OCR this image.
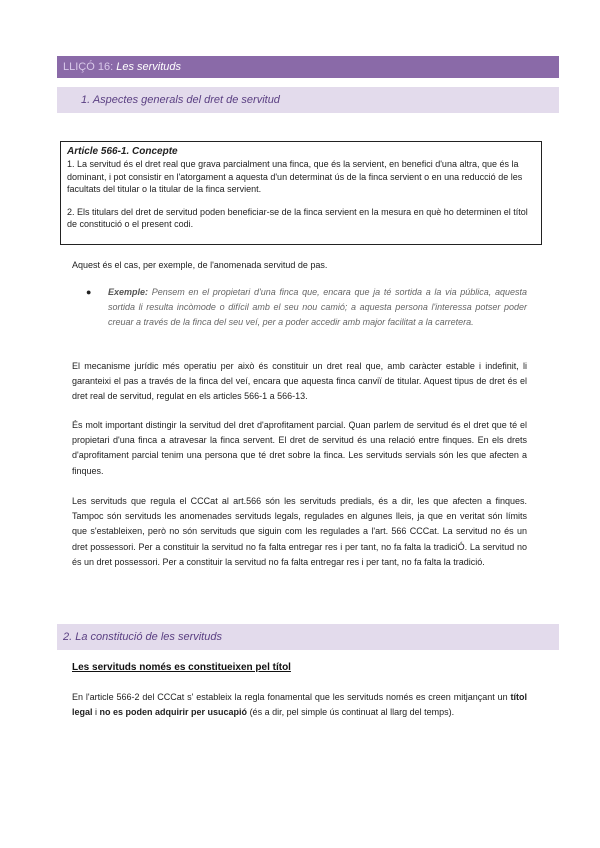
LLIÇÓ 16: Les servituds
1. Aspectes generals del dret de servitud
Article 566-1. Concepte

1. La servitud és el dret real que grava parcialment una finca, que és la servient, en benefici d'una altra, que és la dominant, i pot consistir en l'atorgament a aquesta d'un determinat ús de la finca servient o en una reducció de les facultats del titular o la titular de la finca servient.

2. Els titulars del dret de servitud poden beneficiar-se de la finca servient en la mesura en què ho determinen el títol de constitució o el present codi.

Aquest és el cas, per exemple, de l'anomenada servitud de pas.
● Exemple: Pensem en el propietari d'una finca que, encara que ja té sortida a la via pública, aquesta sortida li resulta incòmode o difícil amb el seu nou camió; a aquesta persona l'interessa potser poder creuar a través de la finca del seu veí, per a poder accedir amb major facilitat a la carretera.
El mecanisme jurídic més operatiu per això és constituir un dret real que, amb caràcter estable i indefinit, li garanteixi el pas a través de la finca del veí, encara que aquesta finca canviï de titular. Aquest tipus de dret és el dret real de servitud, regulat en els articles 566-1 a 566-13.
És molt important distingir la servitud del dret d'aprofitament parcial. Quan parlem de servitud és el dret que té el propietari d'una finca a atravesar la finca servent. El dret de servitud és una relació entre finques. En els drets d'aprofitament parcial tenim una persona que té dret sobre la finca. Les servituds servials són les que afecten a finques.
Les servituds que regula el CCCat al art.566 són les servituds predials, és a dir, les que afecten a finques. Tampoc són servituds les anomenades servituds legals, regulades en algunes lleis, ja que en veritat són límits que s'estableixen, però no són servituds que siguin com les regulades a l'art. 566 CCCat. La servitud no és un dret possessori. Per a constituir la servitud no fa falta entregar res i per tant, no fa falta la tradiciÓ. La servitud no és un dret possessori. Per a constituir la servitud no fa falta entregar res i per tant, no fa falta la tradició.
2. La constitució de les servituds
Les servituds només es constitueixen pel títol
En l'article 566-2 del CCCat s' estableix la regla fonamental que les servituds només es creen mitjançant un títol legal i no es poden adquirir per usucapió (és a dir, pel simple ús continuat al llarg del temps).
